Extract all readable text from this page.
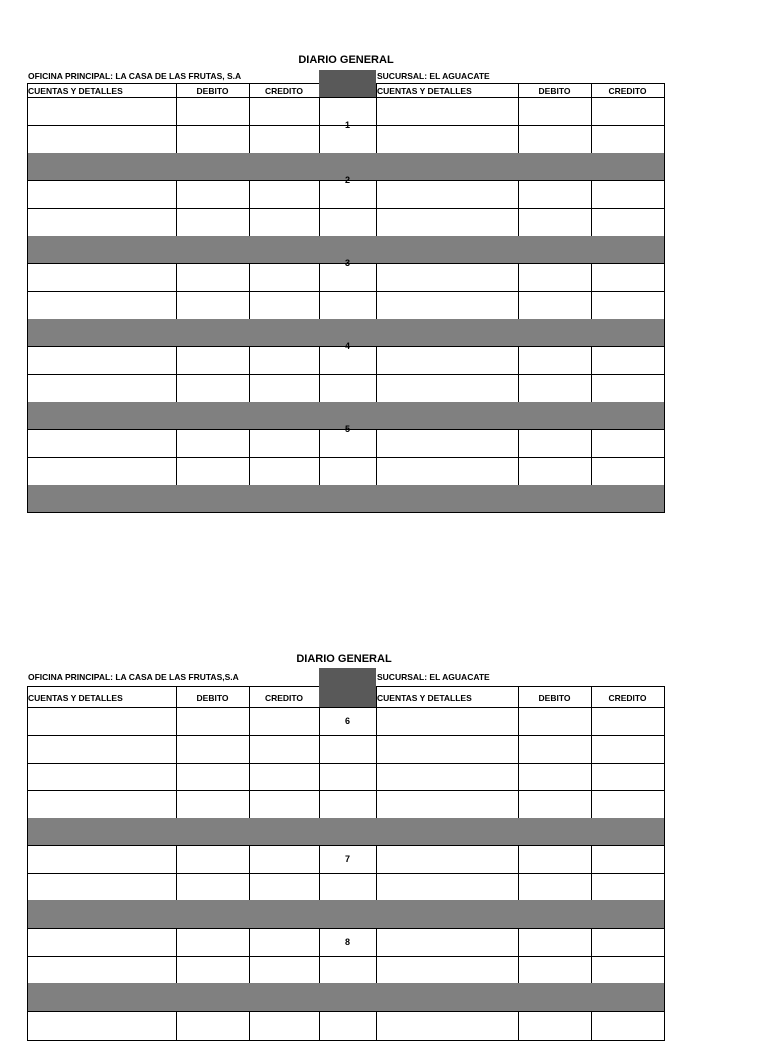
DIARIO GENERAL
OFICINA PRINCIPAL: LA CASA DE LAS FRUTAS, S.A	SUCURSAL: EL AGUACATE
CUENTAS Y DETALLES	DEBITO	CREDITO	CUENTAS Y DETALLES	DEBITO	CREDITO
1
2
3
4
5
DIARIO GENERAL
OFICINA PRINCIPAL: LA CASA DE LAS FRUTAS,S.A	SUCURSAL: EL AGUACATE
CUENTAS Y DETALLES	DEBITO	CREDITO	CUENTAS Y DETALLES	DEBITO	CREDITO
6
7
8
